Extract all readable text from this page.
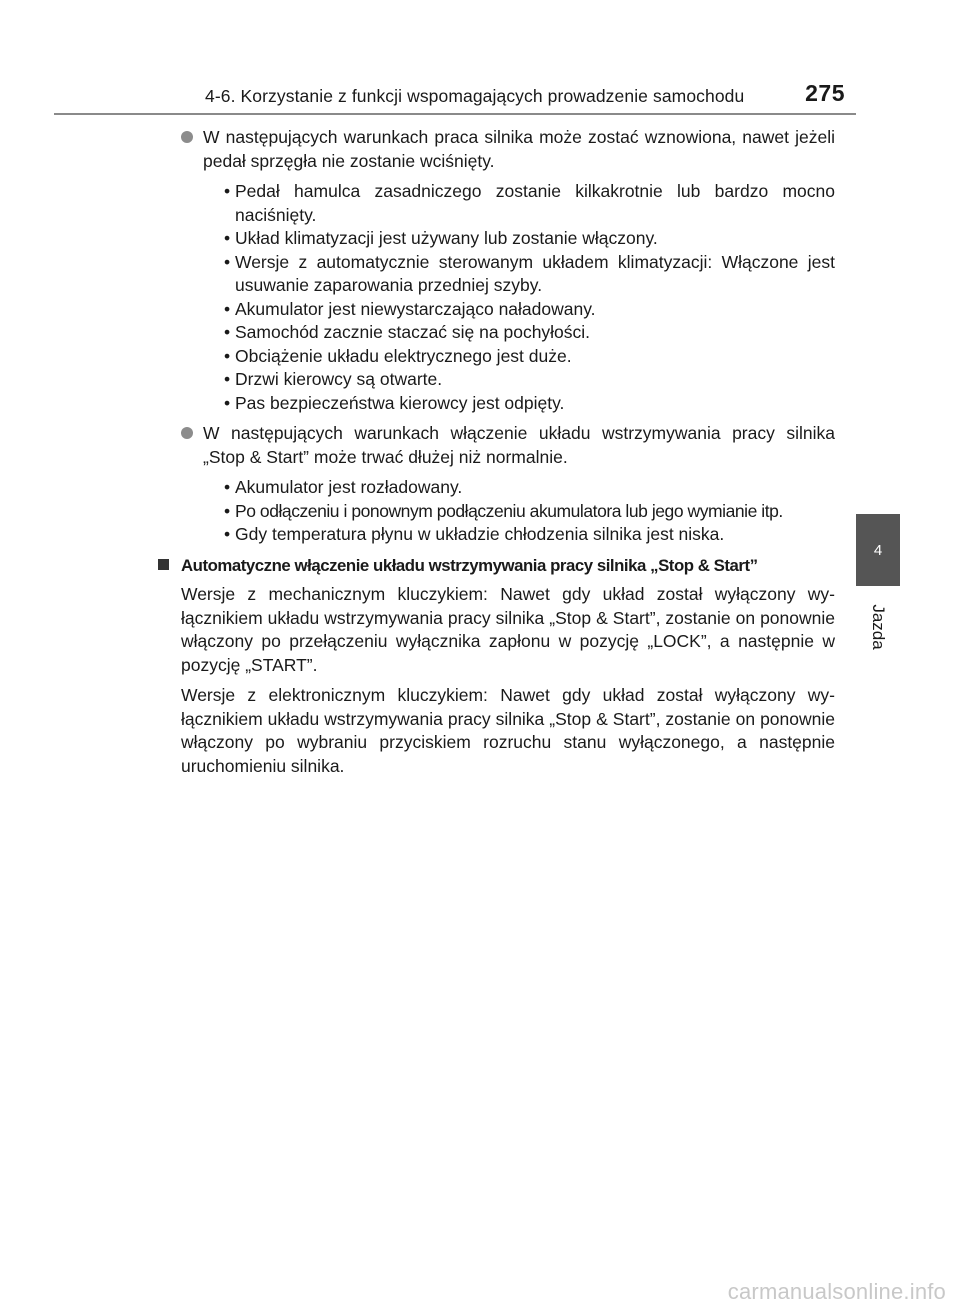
4-6. Korzystanie z funkcji wspomagających prowadzenie samochodu	275
4
Jazda
W następujących warunkach praca silnika może zostać wznowiona, nawet jeżeli pedał sprzęgła nie zostanie wciśnięty.
• Pedał hamulca zasadniczego zostanie kilkakrotnie lub bardzo mocno naciśnięty.
• Układ klimatyzacji jest używany lub zostanie włączony.
• Wersje z automatycznie sterowanym układem klimatyzacji: Włączone jest usuwanie zaparowania przedniej szyby.
• Akumulator jest niewystarczająco naładowany.
• Samochód zacznie staczać się na pochyłości.
• Obciążenie układu elektrycznego jest duże.
• Drzwi kierowcy są otwarte.
• Pas bezpieczeństwa kierowcy jest odpięty.
W następujących warunkach włączenie układu wstrzymywania pracy silnika „Stop & Start” może trwać dłużej niż normalnie.
• Akumulator jest rozładowany.
• Po odłączeniu i ponownym podłączeniu akumulatora lub jego wymianie itp.
• Gdy temperatura płynu w układzie chłodzenia silnika jest niska.
Automatyczne włączenie układu wstrzymywania pracy silnika „Stop & Start”

Wersje z mechanicznym kluczykiem: Nawet gdy układ został wyłączony wy- łącznikiem układu wstrzymywania pracy silnika „Stop & Start”, zostanie on ponownie włączony po przełączeniu wyłącznika zapłonu w pozycję „LOCK”, a następnie w pozycję „START”.

Wersje z elektronicznym kluczykiem: Nawet gdy układ został wyłączony wy- łącznikiem układu wstrzymywania pracy silnika „Stop & Start”, zostanie on ponownie włączony po wybraniu przyciskiem rozruchu stanu wyłączonego, a następnie uruchomieniu silnika.

carmanualsonline.info
